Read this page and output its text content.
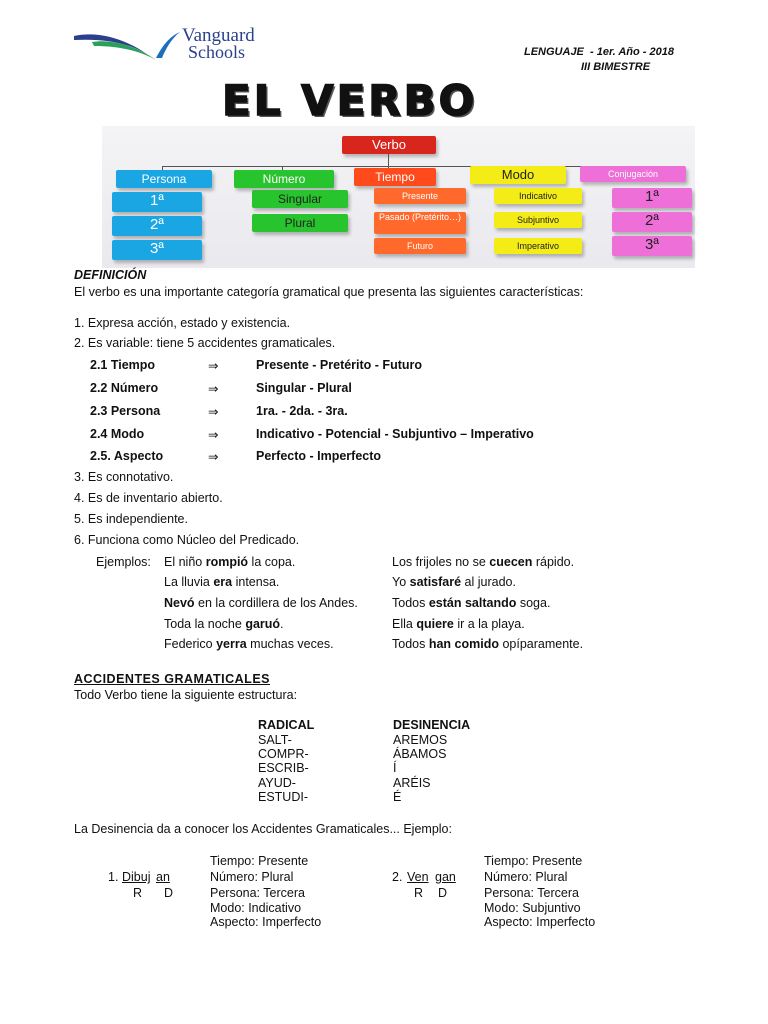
Vanguard
Schools	LENGUAJE  - 1er. Año - 2018
III BIMESTRE
EL VERBO
Verbo
Persona
1ª
2ª
3ª
Número
Singular
Plural
Tiempo
Presente
Pasado (Pretérito…)
Futuro
Modo
Indicativo
Subjuntivo
Imperativo
Conjugación
1ª
2ª
3ª
DEFINICIÓN
El verbo es una importante categoría gramatical que presenta las siguientes características:
1. Expresa acción, estado y existencia.
2. Es variable: tiene 5 accidentes gramaticales.
2.1 Tiempo	⇒	Presente - Pretérito - Futuro
2.2 Número	⇒	Singular - Plural
2.3 Persona	⇒	1ra. - 2da. - 3ra.
2.4 Modo	⇒	Indicativo - Potencial - Subjuntivo – Imperativo
2.5. Aspecto	⇒	Perfecto - Imperfecto
3. Es connotativo.
4. Es de inventario abierto.
5. Es independiente.
6. Funciona como Núcleo del Predicado.
Ejemplos: El niño rompió la copa.	Los frijoles no se cuecen rápido.
La lluvia era intensa.	Yo satisfaré al jurado.
Nevó en la cordillera de los Andes.	Todos están saltando soga.
Toda la noche garuó.	Ella quiere ir a la playa.
Federico yerra muchas veces.	Todos han comido opíparamente.
ACCIDENTES GRAMATICALES
Todo Verbo tiene la siguiente estructura:
RADICAL	DESINENCIA
SALT-	AREMOS
COMPR-	ÁBAMOS
ESCRIB-	Í
AYUD-	ARÉIS
ESTUDI-	É
La Desinencia da a conocer los Accidentes Gramaticales... Ejemplo:
1. Dibuj an
R D
Tiempo: Presente
Número: Plural
Persona: Tercera
Modo: Indicativo
Aspecto: Imperfecto
2. Ven gan
R D
Tiempo: Presente
Número: Plural
Persona: Tercera
Modo: Subjuntivo
Aspecto: Imperfecto
